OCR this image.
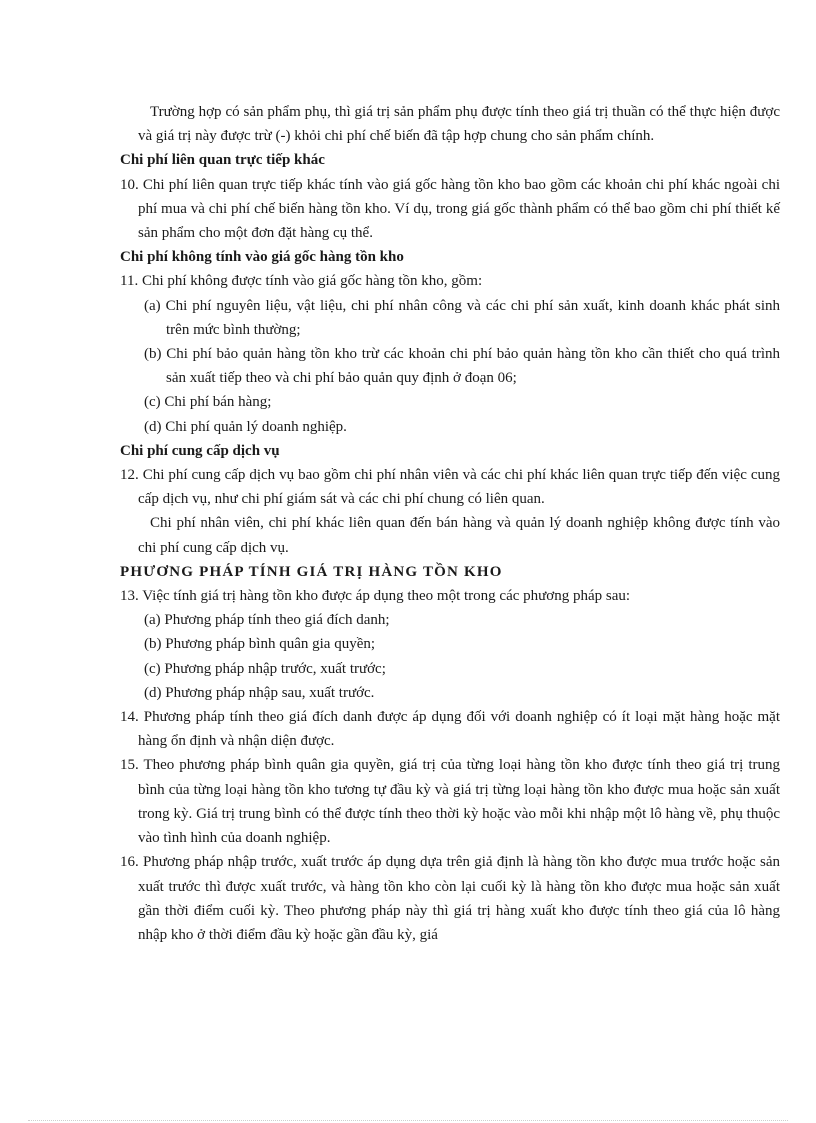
Trường hợp có sản phẩm phụ, thì giá trị sản phẩm phụ được tính theo giá trị thuần có thể thực hiện được và giá trị này được trừ (-) khỏi chi phí chế biến đã tập hợp chung cho sản phẩm chính.

Chi phí liên quan trực tiếp khác

10. Chi phí liên quan trực tiếp khác tính vào giá gốc hàng tồn kho bao gồm các khoản chi phí khác ngoài chi phí mua và chi phí chế biến hàng tồn kho. Ví dụ, trong giá gốc thành phẩm có thể bao gồm chi phí thiết kế sản phẩm cho một đơn đặt hàng cụ thể.

Chi phí không tính vào giá gốc hàng tồn kho

11. Chi phí không được tính vào giá gốc hàng tồn kho, gồm:

(a) Chi phí nguyên liệu, vật liệu, chi phí nhân công và các chi phí sản xuất, kinh doanh khác phát sinh trên mức bình thường;

(b) Chi phí bảo quản hàng tồn kho trừ các khoản chi phí bảo quản hàng tồn kho cần thiết cho quá trình sản xuất tiếp theo và chi phí bảo quản quy định ở đoạn 06;

(c) Chi phí bán hàng;

(d) Chi phí quản lý doanh nghiệp.

Chi phí cung cấp dịch vụ

12. Chi phí cung cấp dịch vụ bao gồm chi phí nhân viên và các chi phí khác liên quan trực tiếp đến việc cung cấp dịch vụ, như chi phí giám sát và các chi phí chung có liên quan.

Chi phí nhân viên, chi phí khác liên quan đến bán hàng và quản lý doanh nghiệp không được tính vào chi phí cung cấp dịch vụ.

PHƯƠNG PHÁP TÍNH GIÁ TRỊ HÀNG TỒN KHO

13. Việc tính giá trị hàng tồn kho được áp dụng theo một trong các phương pháp sau:

(a) Phương pháp tính theo giá đích danh;

(b) Phương pháp bình quân gia quyền;

(c) Phương pháp nhập trước, xuất trước;

(d) Phương pháp nhập sau, xuất trước.

14. Phương pháp tính theo giá đích danh được áp dụng đối với doanh nghiệp có ít loại mặt hàng hoặc mặt hàng ổn định và nhận diện được.

15. Theo phương pháp bình quân gia quyền, giá trị của từng loại hàng tồn kho được tính theo giá trị trung bình của từng loại hàng tồn kho tương tự đầu kỳ và giá trị từng loại hàng tồn kho được mua hoặc sản xuất trong kỳ. Giá trị trung bình có thể được tính theo thời kỳ hoặc vào mỗi khi nhập một lô hàng về, phụ thuộc vào tình hình của doanh nghiệp.

16. Phương pháp nhập trước, xuất trước áp dụng dựa trên giả định là hàng tồn kho được mua trước hoặc sản xuất trước thì được xuất trước, và hàng tồn kho còn lại cuối kỳ là hàng tồn kho được mua hoặc sản xuất gần thời điểm cuối kỳ. Theo phương pháp này thì giá trị hàng xuất kho được tính theo giá của lô hàng nhập kho ở thời điểm đầu kỳ hoặc gần đầu kỳ, giá
